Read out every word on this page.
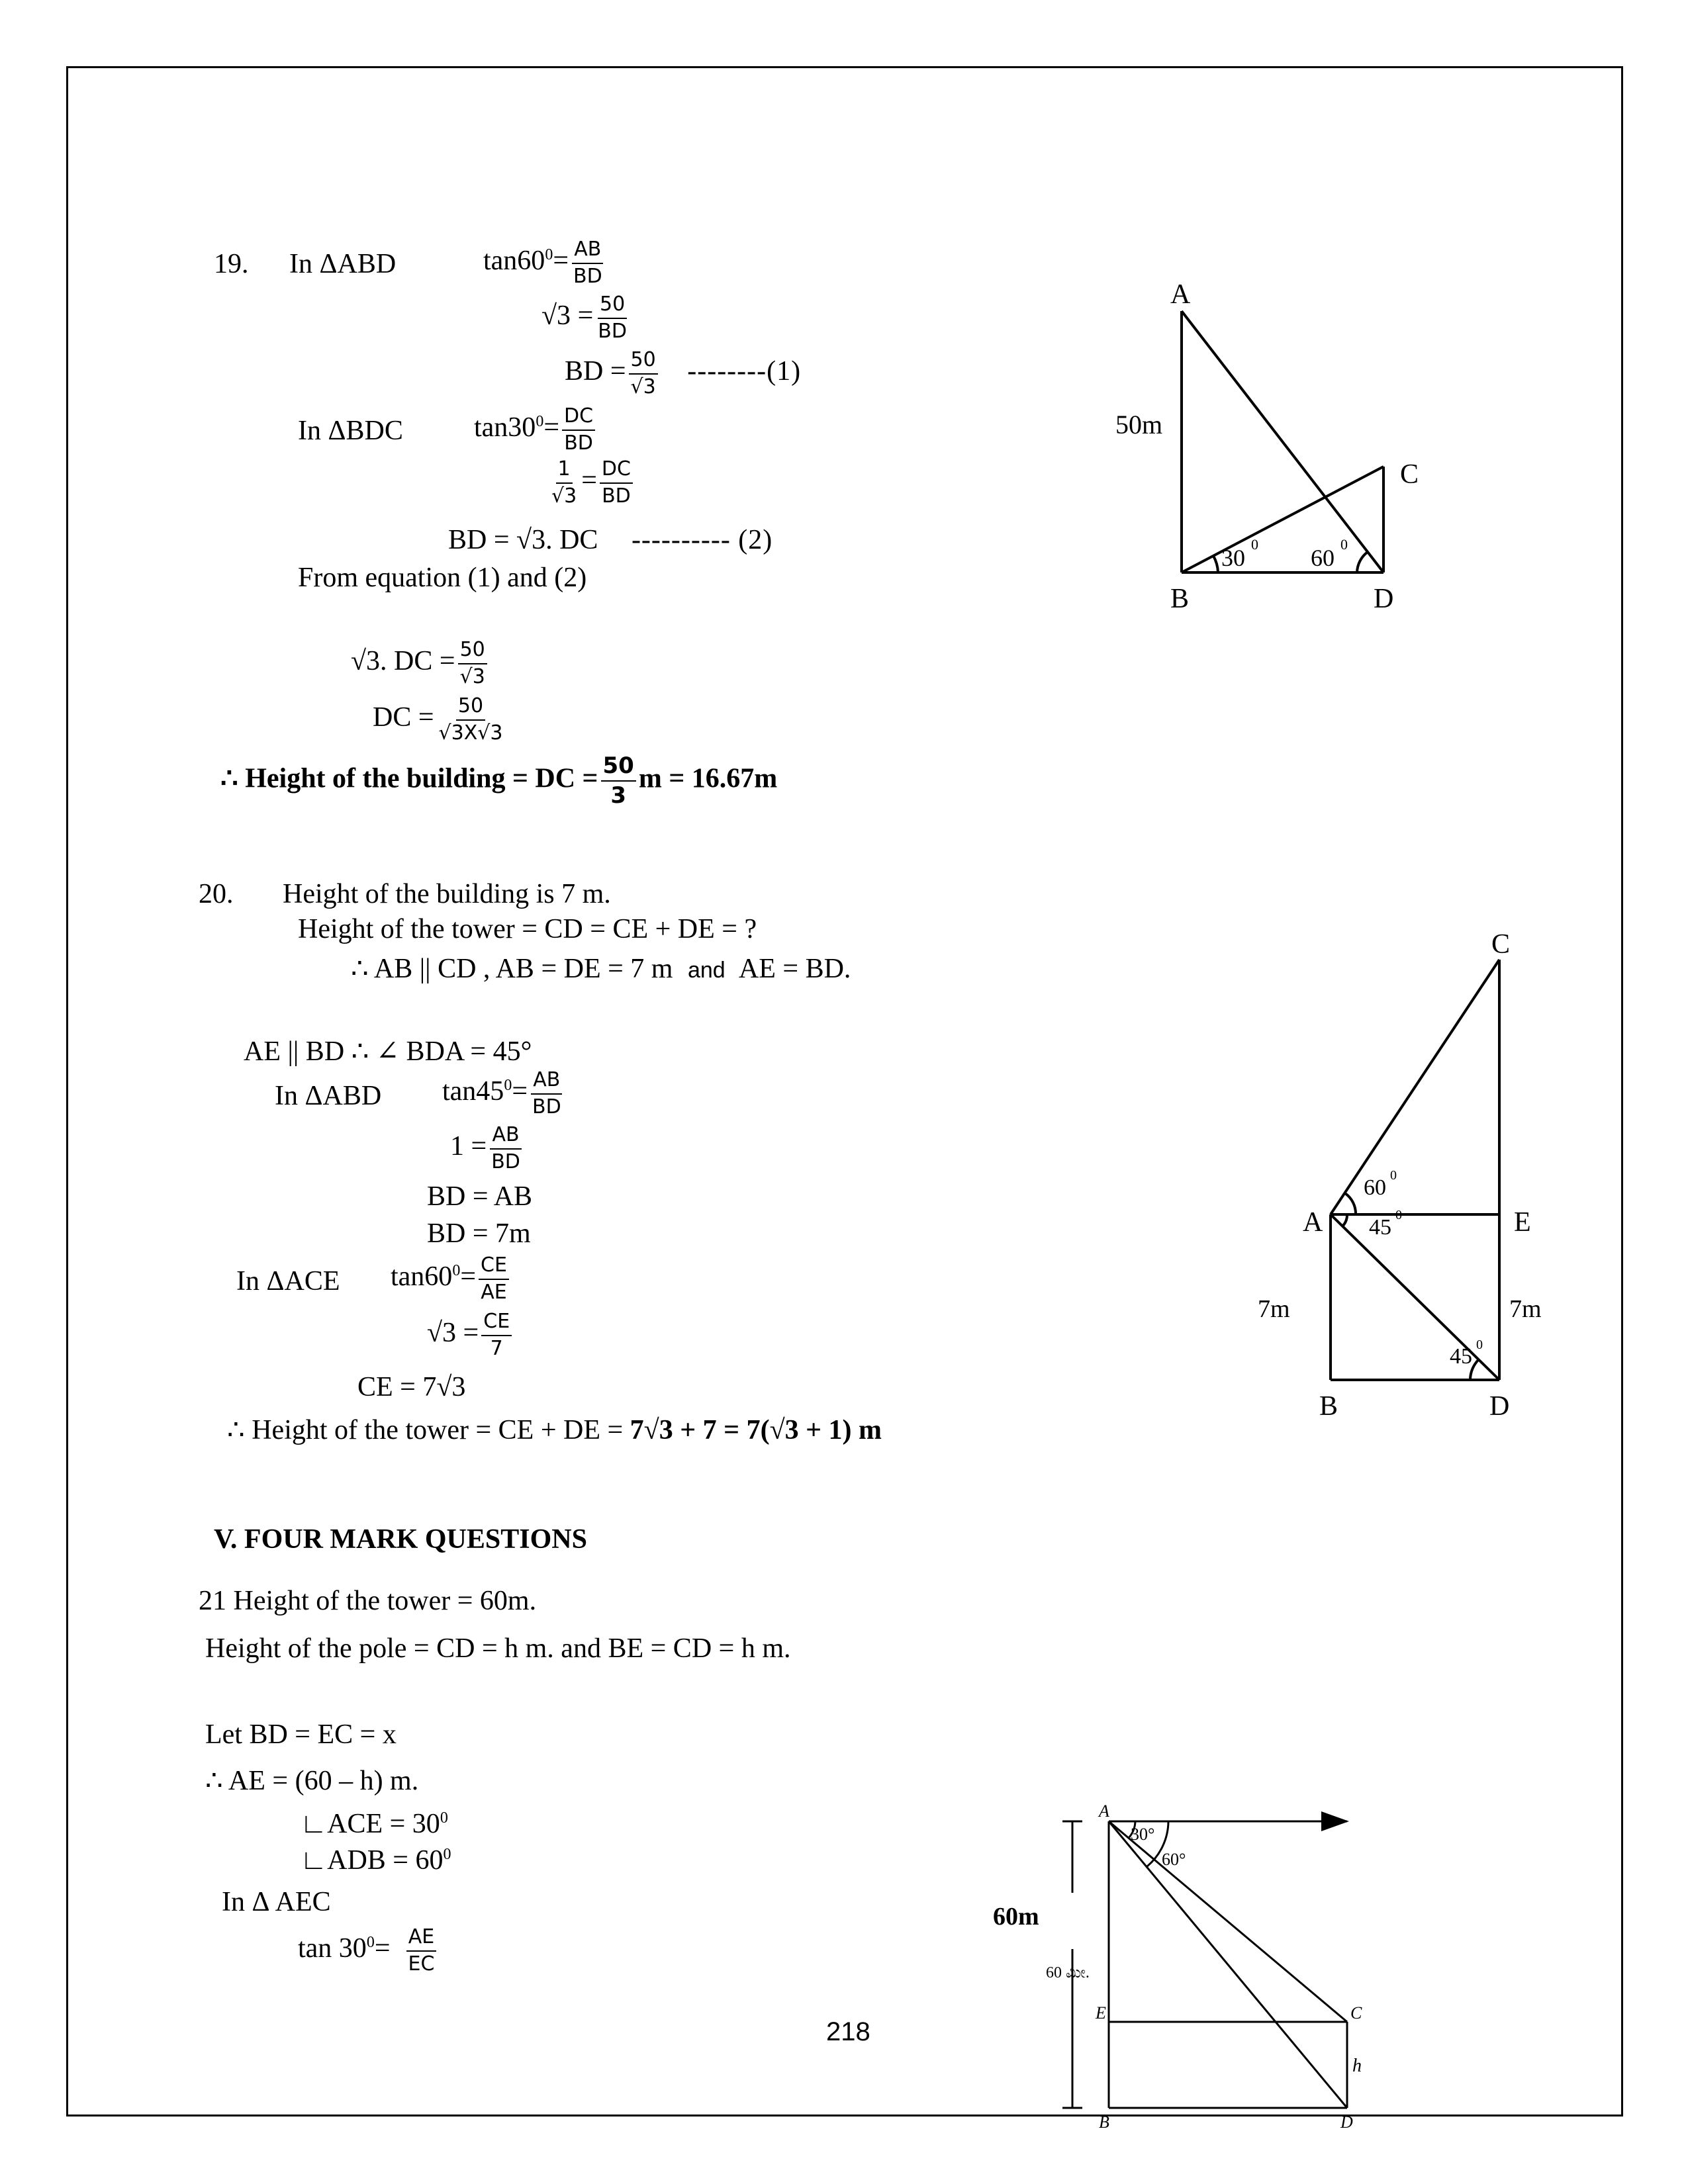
19. In ΔABD	$\tan 60^0= \frac{AB}{BD}$
$√3 = \frac{50}{BD}$
BD = $\frac{50}{√3} --------(1)$
In ΔBDC	$\tan 30^0= \frac{DC}{BD}$
$\frac{1}{√3} = \frac{DC}{BD}$
BD = √3. DC ---------- (2)
From equation (1) and (2)
√3. DC = $\frac{50}{√3}$
DC = $\frac{50}{√3X√3}$
∴ Height of the building = DC = $\frac{50}{3}$ m = 16.67m
A
B
C
D
50m
30
0
60
0
20. Height of the building is 7 m.
Height of the tower = CD = CE + DE = ?
∴ AB || CD , AB = DE = 7 m and AE = BD.
AE || BD ∴ ∠ BDA = 45°
In ΔABD $\tan 45^0= \frac{AB}{BD}$
$1 = \frac{AB}{BD}$
BD = AB
BD = 7m
In ΔACE $\tan 60^0= \frac{CE}{AE}$
$√3 = \frac{CE}{7}$
CE = 7√3
∴ Height of the tower = CE + DE = 7√3 + 7 = 7(√3 + 1) m
C
A	E
B	D
7m	7m
60 0
45 0
45 0
V. FOUR MARK QUESTIONS
21 Height of the tower = 60m.
Height of the pole = CD = h m. and BE = CD = h m.
Let BD = EC = x
∴ AE = (60 – h) m.
∟ACE = $30^0$
∟ADB = $60^0$
In Δ AEC
$\tan 30^0= \frac{AE}{EC}$
A
30°
60°
E	C
h
B	D
60m
60 ಮೀ.
218
